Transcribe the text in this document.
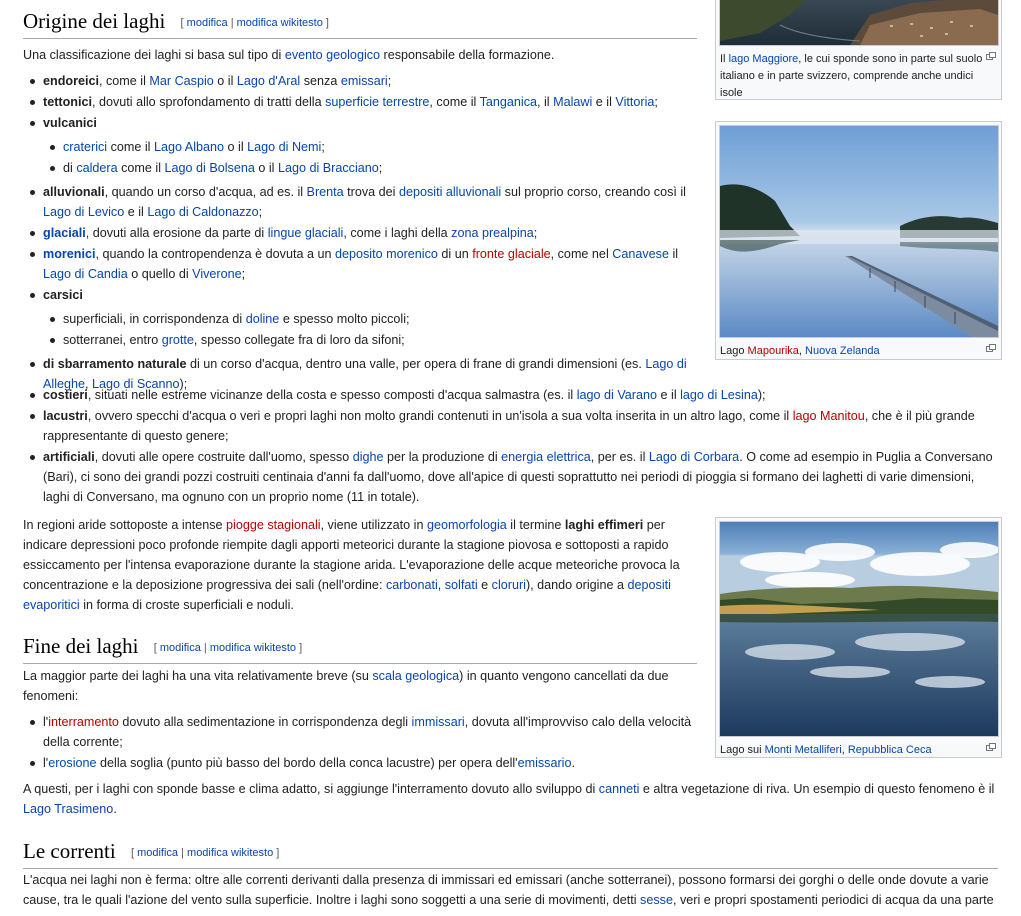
Origine dei laghi [ modifica | modifica wikitesto ]

Una classificazione dei laghi si basa sul tipo di evento geologico responsabile della formazione.

endoreici, come il Mar Caspio o il Lago d'Aral senza emissari;
tettonici, dovuti allo sprofondamento di tratti della superficie terrestre, come il Tanganica, il Malawi e il Vittoria;
vulcanici
craterici come il Lago Albano o il Lago di Nemi;
di caldera come il Lago di Bolsena o il Lago di Bracciano;
alluvionali, quando un corso d'acqua, ad es. il Brenta trova dei depositi alluvionali sul proprio corso, creando così il Lago di Levico e il Lago di Caldonazzo;
glaciali, dovuti alla erosione da parte di lingue glaciali, come i laghi della zona prealpina;
morenici, quando la contropendenza è dovuta a un deposito morenico di un fronte glaciale, come nel Canavese il Lago di Candia o quello di Viverone;
carsici
superficiali, in corrispondenza di doline e spesso molto piccoli;
sotterranei, entro grotte, spesso collegate fra di loro da sifoni;
di sbarramento naturale di un corso d'acqua, dentro una valle, per opera di frane di grandi dimensioni (es. Lago di Alleghe, Lago di Scanno);
costieri, situati nelle estreme vicinanze della costa e spesso composti d'acqua salmastra (es. il lago di Varano e il lago di Lesina);
lacustri, ovvero specchi d'acqua o veri e propri laghi non molto grandi contenuti in un'isola a sua volta inserita in un altro lago, come il lago Manitou, che è il più grande rappresentante di questo genere;
artificiali, dovuti alle opere costruite dall'uomo, spesso dighe per la produzione di energia elettrica, per es. il Lago di Corbara. O come ad esempio in Puglia a Conversano (Bari), ci sono dei grandi pozzi costruiti centinaia d'anni fa dall'uomo, dove all'apice di questi soprattutto nei periodi di pioggia si formano dei laghetti di varie dimensioni, laghi di Conversano, ma ognuno con un proprio nome (11 in totale).

In regioni aride sottoposte a intense piogge stagionali, viene utilizzato in geomorfologia il termine laghi effimeri per indicare depressioni poco profonde riempite dagli apporti meteorici durante la stagione piovosa e sottoposti a rapido essiccamento per l'intensa evaporazione durante la stagione arida. L'evaporazione delle acque meteoriche provoca la concentrazione e la deposizione progressiva dei sali (nell'ordine: carbonati, solfati e cloruri), dando origine a depositi evaporitici in forma di croste superficiali e noduli.

Fine dei laghi [ modifica | modifica wikitesto ]

La maggior parte dei laghi ha una vita relativamente breve (su scala geologica) in quanto vengono cancellati da due fenomeni:

l'interramento dovuto alla sedimentazione in corrispondenza degli immissari, dovuta all'improvviso calo della velocità della corrente;
l'erosione della soglia (punto più basso del bordo della conca lacustre) per opera dell'emissario.

A questi, per i laghi con sponde basse e clima adatto, si aggiunge l'interramento dovuto allo sviluppo di canneti e altra vegetazione di riva. Un esempio di questo fenomeno è il Lago Trasimeno.

Le correnti [ modifica | modifica wikitesto ]

L'acqua nei laghi non è ferma: oltre alle correnti derivanti dalla presenza di immissari ed emissari (anche sotterranei), possono formarsi dei gorghi o delle onde dovute a varie cause, tra le quali l'azione del vento sulla superficie. Inoltre i laghi sono soggetti a una serie di movimenti, detti sesse, veri e propri spostamenti periodici di acqua da una parte

Il lago Maggiore, le cui sponde sono in parte sul suolo italiano e in parte svizzero, comprende anche undici isole
Lago Mapourika, Nuova Zelanda
Lago sui Monti Metalliferi, Repubblica Ceca
